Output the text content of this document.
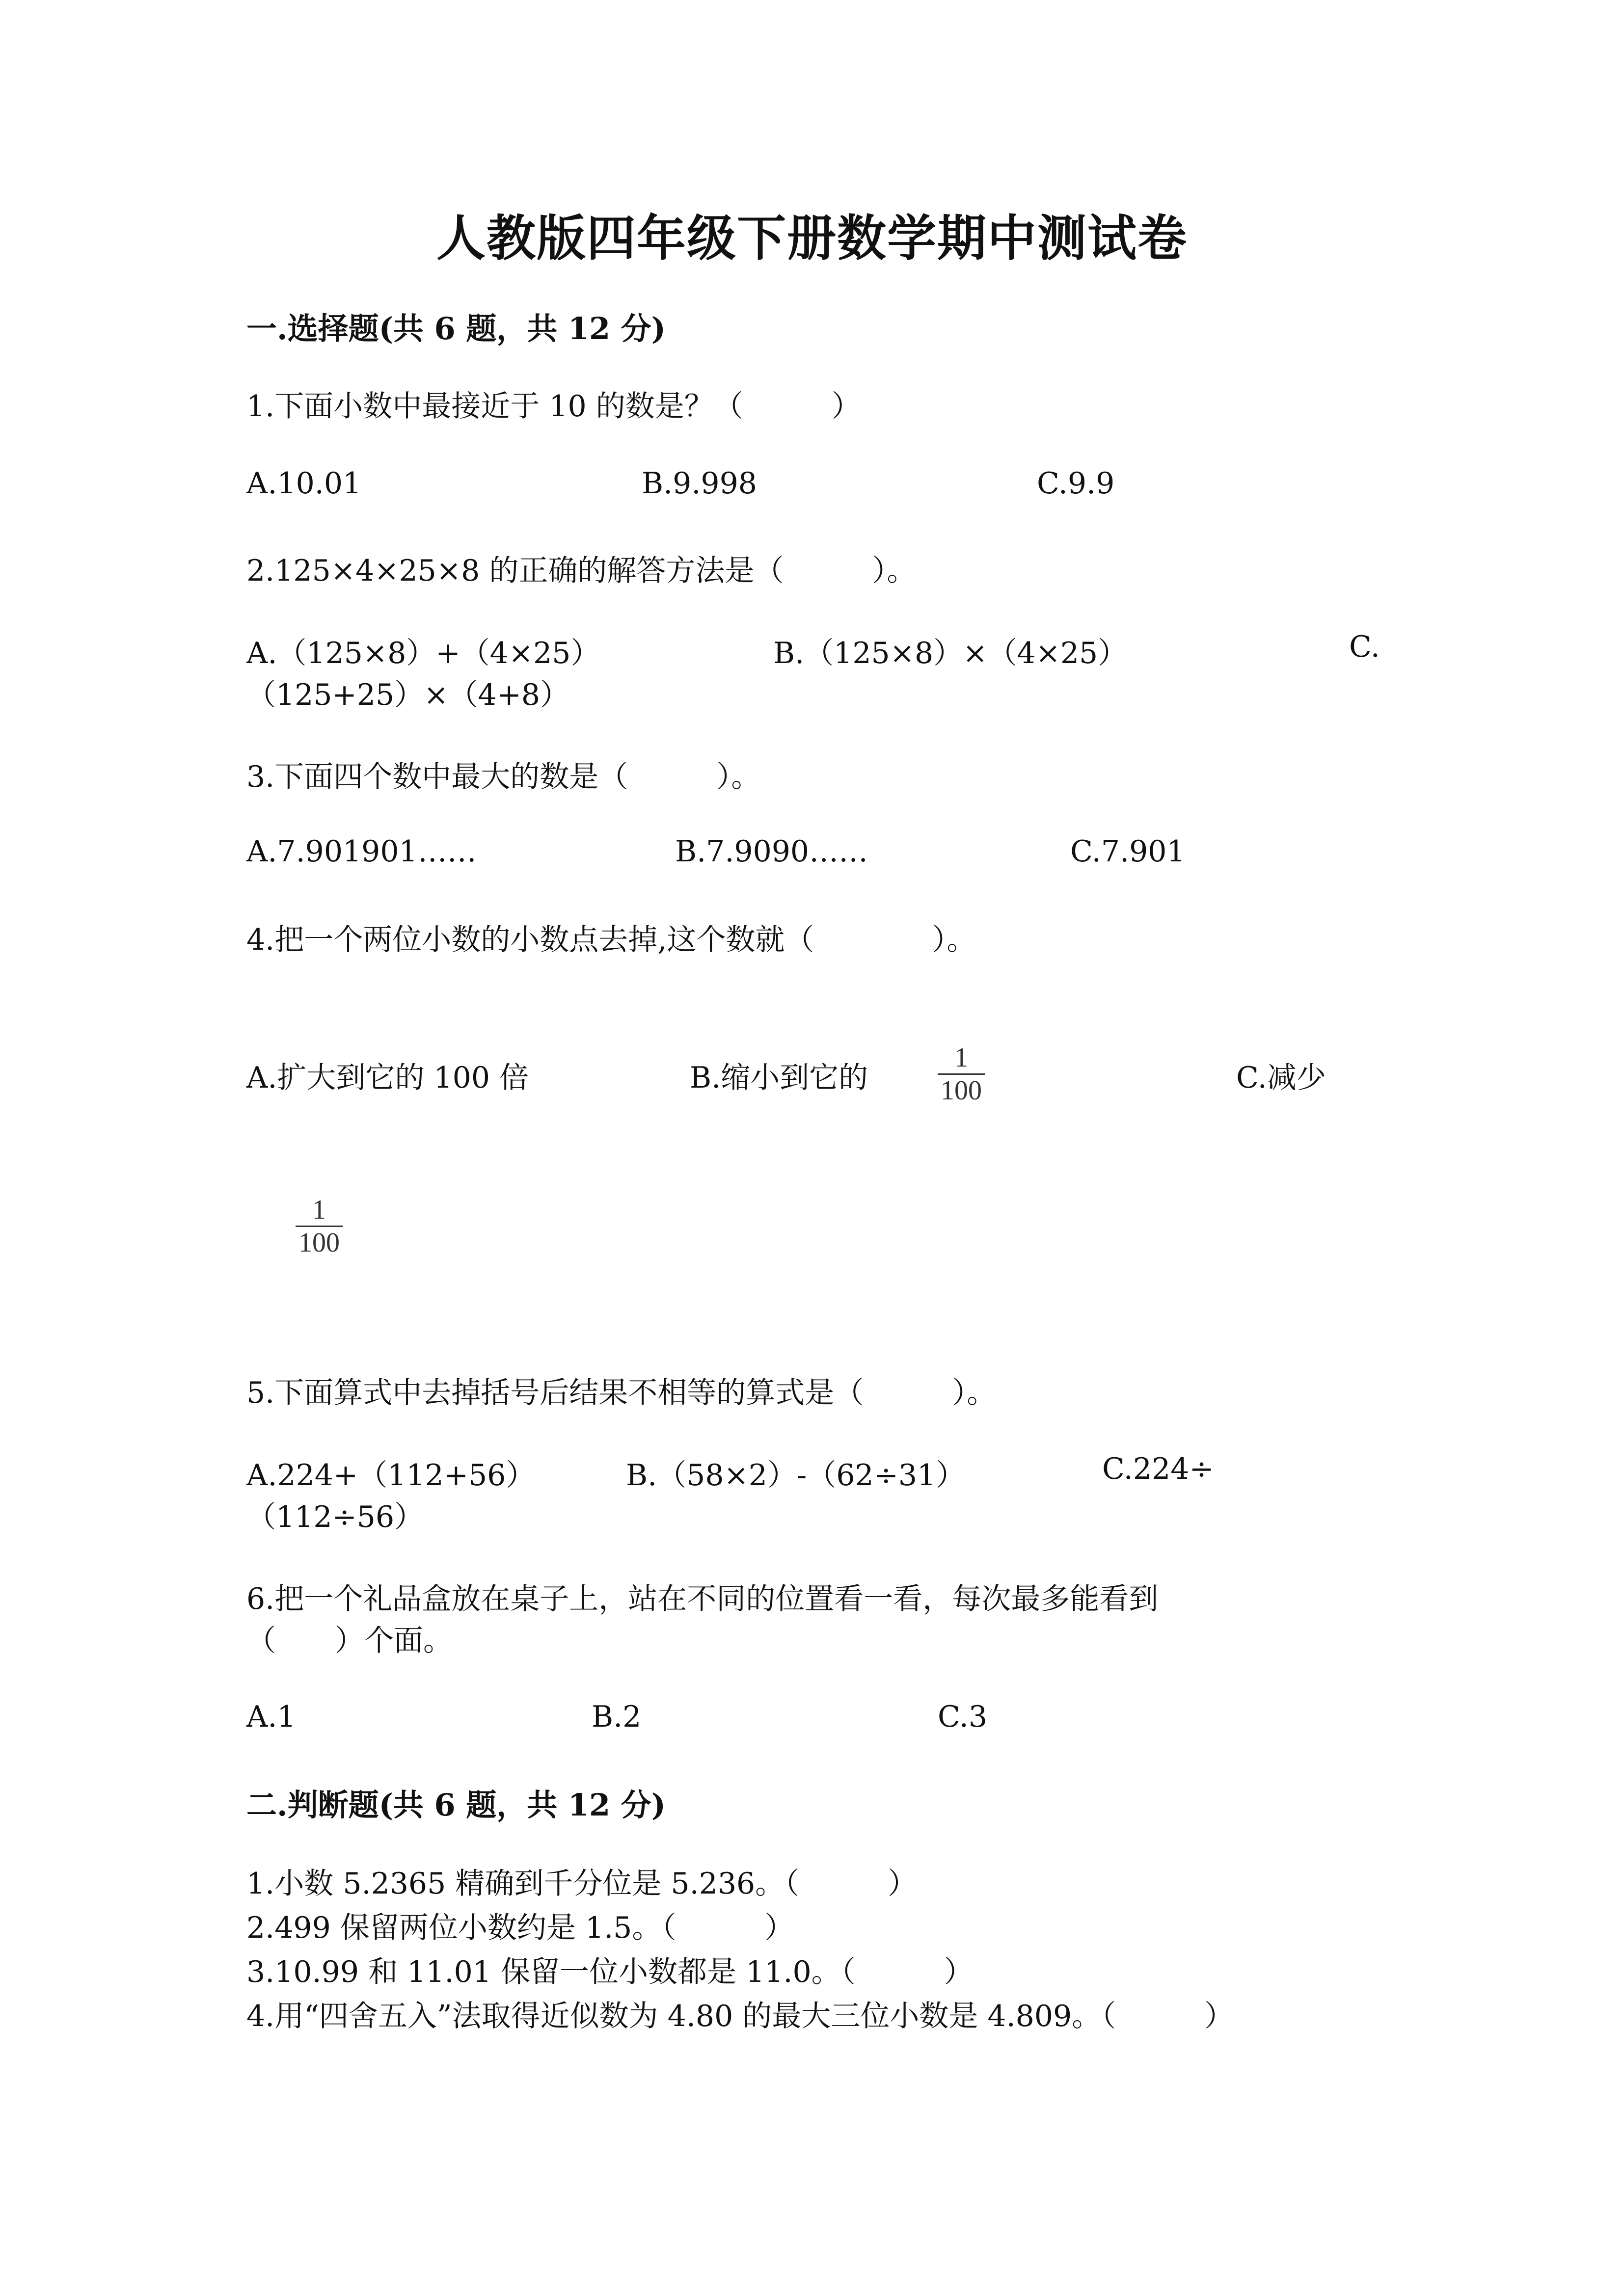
人教版四年级下册数学期中测试卷
一.选择题(共 6 题，共 12 分)
1.下面小数中最接近于 10 的数是？（　　　）
A.10.01	B.9.998	C.9.9
2.125×4×25×8 的正确的解答方法是（　　　）。
A.（125×8）+（4×25）	B.（125×8）×（4×25）	C.
（125+25）×（4+8）
3.下面四个数中最大的数是（　　　）。
A.7.901901……	B.7.9090……	C.7.901
4.把一个两位小数的小数点去掉,这个数就（　　　　）。
A.扩大到它的 100 倍	B.缩小到它的
1
100	C.减少
1
100
5.下面算式中去掉括号后结果不相等的算式是（　　　）。
A.224+（112+56）	B.（58×2）-（62÷31）	C.224÷
（112÷56）
6.把一个礼品盒放在桌子上，站在不同的位置看一看，每次最多能看到
（　　）个面。
A.1	B.2	C.3
二.判断题(共 6 题，共 12 分)
1.小数 5.2365 精确到千分位是 5.236。（　　　）
2.499 保留两位小数约是 1.5。（　　　）
3.10.99 和 11.01 保留一位小数都是 11.0。（　　　）
4.用“四舍五入”法取得近似数为 4.80 的最大三位小数是 4.809。（　　　）
